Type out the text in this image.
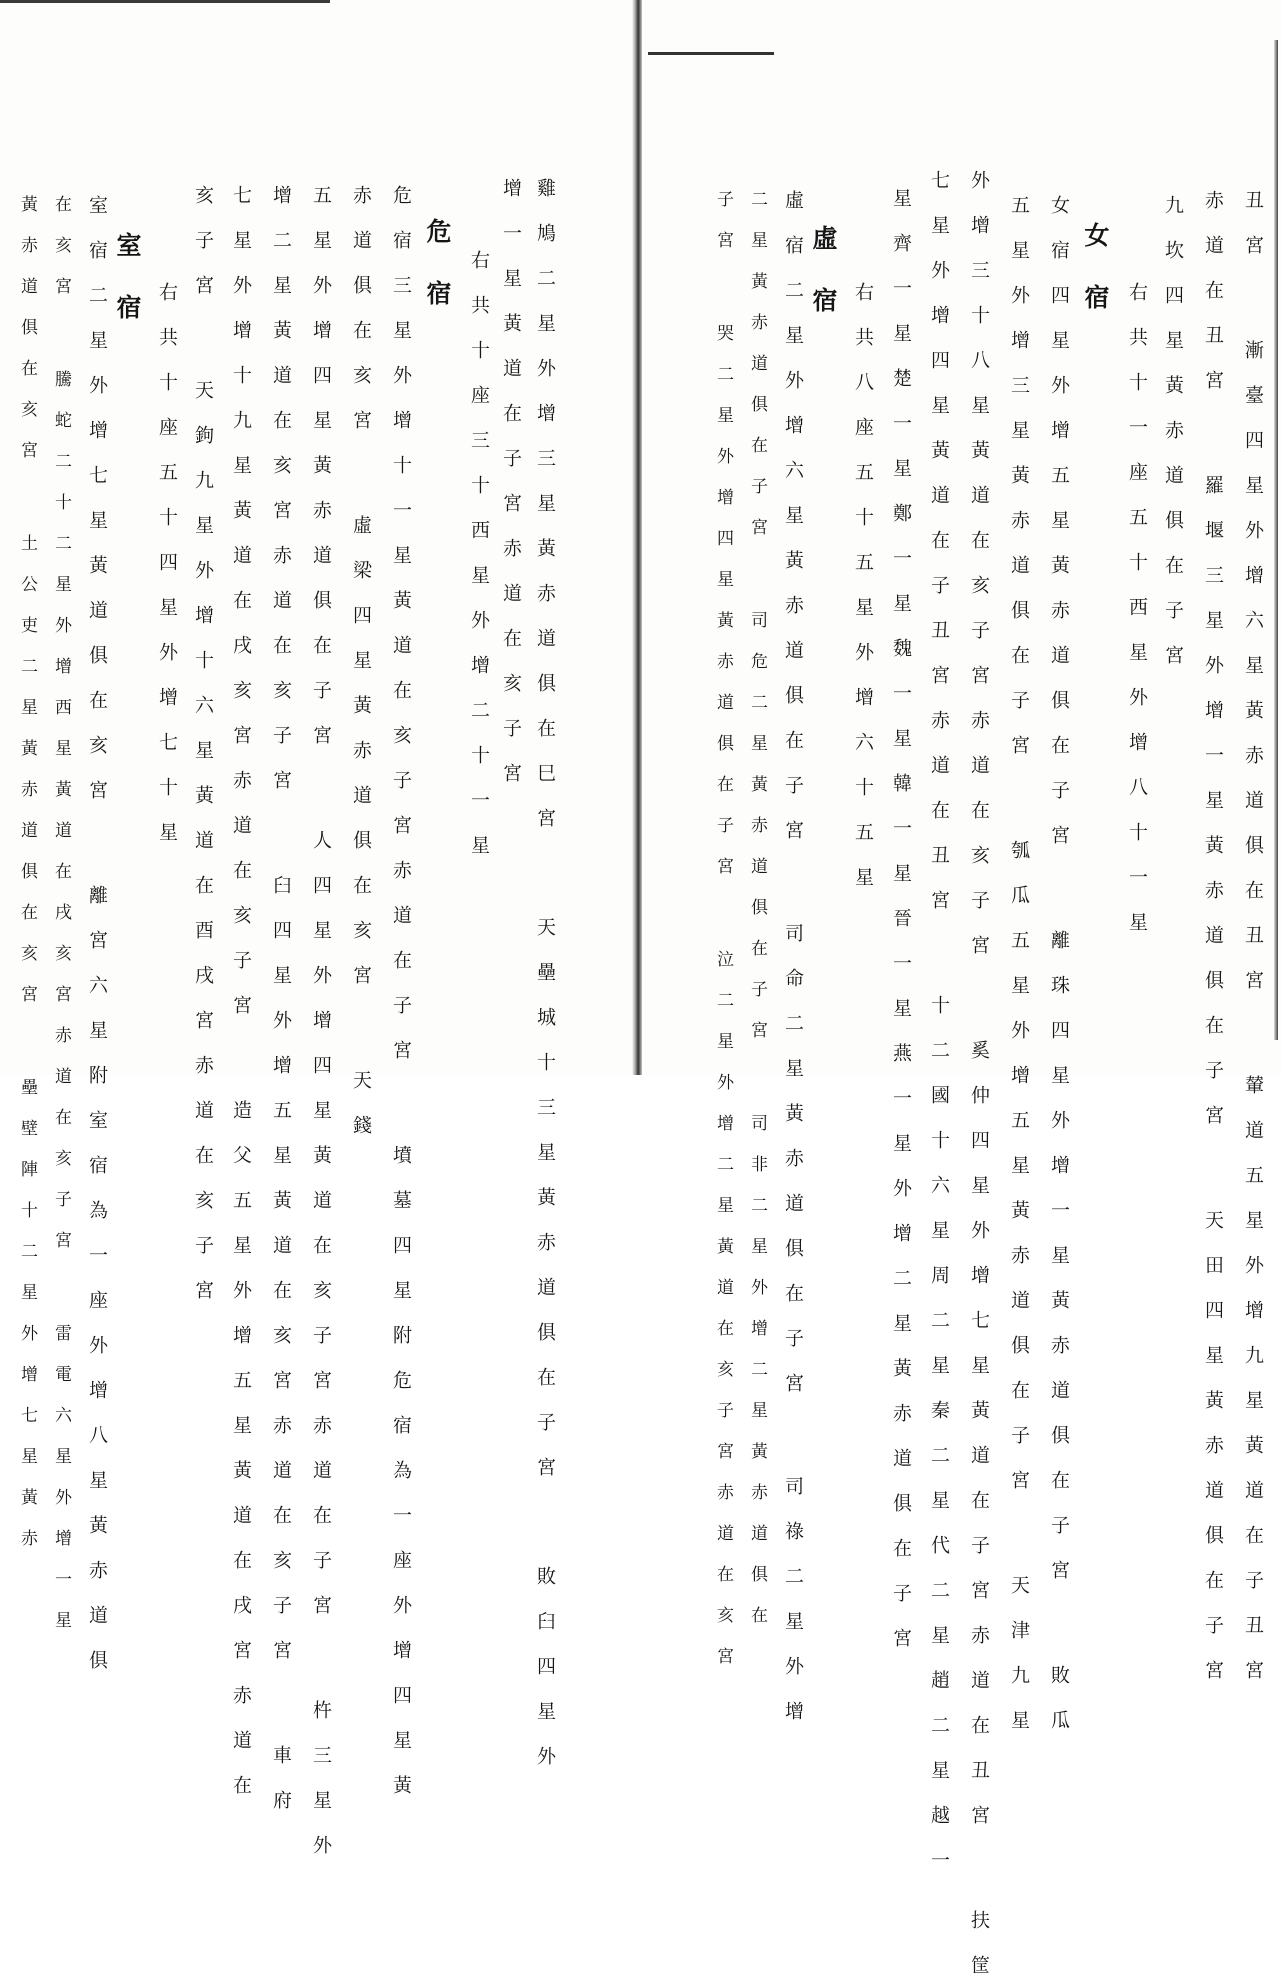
雞 鳩 二 星 外 增 三 星 黃 赤 道 俱 在 巳 宮  天 壘 城 十 三 星 黃 赤 道 俱 在 子 宮  敗 臼 四 星 外
增 一 星 黃 道 在 子 宮 赤 道 在 亥 子 宮
右 共 十 座 三 十 西 星 外 增 二 十 一 星
危 宿
危 宿 三 星 外 增 十 一 星 黃 道 在 亥 子 宮 赤 道 在 子 宮  墳 墓 四 星 附 危 宿 為 一 座 外 增 四 星 黃
赤 道 俱 在 亥 宮  虛 梁 四 星 黃 赤 道 俱 在 亥 宮  天 錢
五 星 外 增 四 星 黃 赤 道 俱 在 子 宮  人 四 星 外 增 四 星 黃 道 在 亥 子 宮 赤 道 在 子 宮  杵 三 星 外
增 二 星 黃 道 在 亥 宮 赤 道 在 亥 子 宮  臼 四 星 外 增 五 星 黃 道 在 亥 宮 赤 道 在 亥 子 宮  車 府
七 星 外 增 十 九 星 黃 道 在 戌 亥 宮 赤 道 在 亥 子 宮  造 父 五 星 外 增 五 星 黃 道 在 戌 宮 赤 道 在
亥 子 宮  天 鉤 九 星 外 增 十 六 星 黃 道 在 酉 戌 宮 赤 道 在 亥 子 宮
右 共 十 座 五 十 四 星 外 增 七 十 星
室 宿
室 宿 二 星 外 增 七 星 黃 道 俱 在 亥 宮  離 宮 六 星 附 室 宿 為 一 座 外 增 八 星 黃 赤 道 俱
在 亥 宮  騰 蛇 二 十 二 星 外 增 西 星 黃 道 在 戌 亥 宮 赤 道 在 亥 子 宮  雷 電 六 星 外 增 一 星
黃 赤 道 俱 在 亥 宮  土 公 吏 二 星 黃 赤 道 俱 在 亥 宮  壘 壁 陣 十 二 星 外 增 七 星 黃 赤
丑 宮  漸 臺 四 星 外 增 六 星 黃 赤 道 俱 在 丑 宮  輦 道 五 星 外 增 九 星 黃 道 在 子 丑 宮
赤 道 在 丑 宮  羅 堰 三 星 外 增 一 星 黃 赤 道 俱 在 子 宮  天 田 四 星 黃 赤 道 俱 在 子 宮
九 坎 四 星 黃 赤 道 俱 在 子 宮
右 共 十 一 座 五 十 西 星 外 增 八 十 一 星
女 宿
女 宿 四 星 外 增 五 星 黃 赤 道 俱 在 子 宮  離 珠 四 星 外 增 一 星 黃 赤 道 俱 在 子 宮  敗 瓜
五 星 外 增 三 星 黃 赤 道 俱 在 子 宮  瓠 瓜 五 星 外 增 五 星 黃 赤 道 俱 在 子 宮  天 津 九 星
外 增 三 十 八 星 黃 道 在 亥 子 宮 赤 道 在 亥 子 宮  奚 仲 四 星 外 增 七 星 黃 道 在 子 宮 赤 道 在 丑 宮  扶 筐
七 星 外 增 四 星 黃 道 在 子 丑 宮 赤 道 在 丑 宮  十 二 國 十 六 星 周 二 星 秦 二 星 代 二 星 趙 二 星 越 一
星 齊 一 星 楚 一 星 鄭 一 星 魏 一 星 韓 一 星 晉 一 星 燕 一 星 外 增 二 星 黃 赤 道 俱 在 子 宮
右 共 八 座 五 十 五 星 外 增 六 十 五 星
虛 宿
虛 宿 二 星 外 增 六 星 黃 赤 道 俱 在 子 宮  司 命 二 星 黃 赤 道 俱 在 子 宮  司 祿 二 星 外 增
二 星 黃 赤 道 俱 在 子 宮  司 危 二 星 黃 赤 道 俱 在 子 宮  司 非 二 星 外 增 二 星 黃 赤 道 俱 在
子 宮  哭 二 星 外 增 四 星 黃 赤 道 俱 在 子 宮  泣 二 星 外 增 二 星 黃 道 在 亥 子 宮 赤 道 在 亥 宮
